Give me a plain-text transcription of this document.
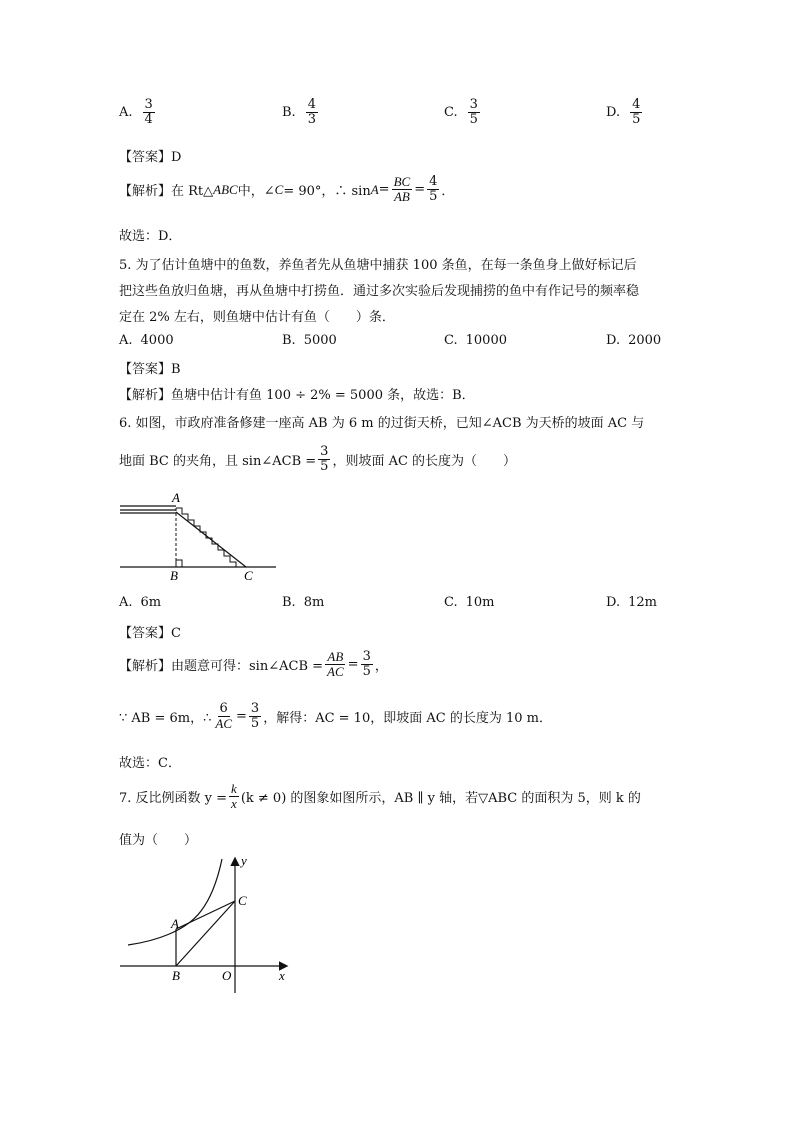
A. $\frac{3}{4}$	B. $\frac{4}{3}$	C. $\frac{3}{5}$	D. $\frac{4}{5}$
【答案】D
【解析】 在 Rt△ ABC 中，∠ C = 90°，∴ $\sin A = \frac{BC}{AB} = \frac{4}{5}$ ．
故选：D．
5. 为了估计鱼塘中的鱼数，养鱼者先从鱼塘中捕获 100 条鱼，在每一条鱼身上做好标记后
把这些鱼放归鱼塘，再从鱼塘中打捞鱼．通过多次实验后发现捕捞的鱼中有作记号的频率稳
定在 2% 左右，则鱼塘中估计有鱼（　　）条．
A. 4000	B. 5000	C. 10000	D. 2000
【答案】B
【解析】鱼塘中估计有鱼 100 ÷ 2% = 5000 条，故选：B．
6. 如图，市政府准备修建一座高 AB 为 6 m 的过街天桥，已知∠ACB 为天桥的坡面 AC 与
地面 BC 的夹角，且 sin∠ACB = $\frac{3}{5}$ ，则坡面 AC 的长度为（　　）
A
B	C
A. 6m	B. 8m	C. 10m	D. 12m
【答案】C
【解析】 由题意可得：sin∠ACB = $\frac{AB}{AC} = \frac{3}{5}$ ，
∵ AB = 6m，∴ $\frac{6}{AC} = \frac{3}{5}$ ，解得：AC = 10，即坡面 AC 的长度为 10 m．
故选：C．
7. 反比例函数 $y = \frac{k}{x} (k \ne 0)$ 的图象如图所示，AB ∥ y 轴，若▽ABC 的面积为 5，则 k 的
值为（　　）
y
x
A
B
C
O
